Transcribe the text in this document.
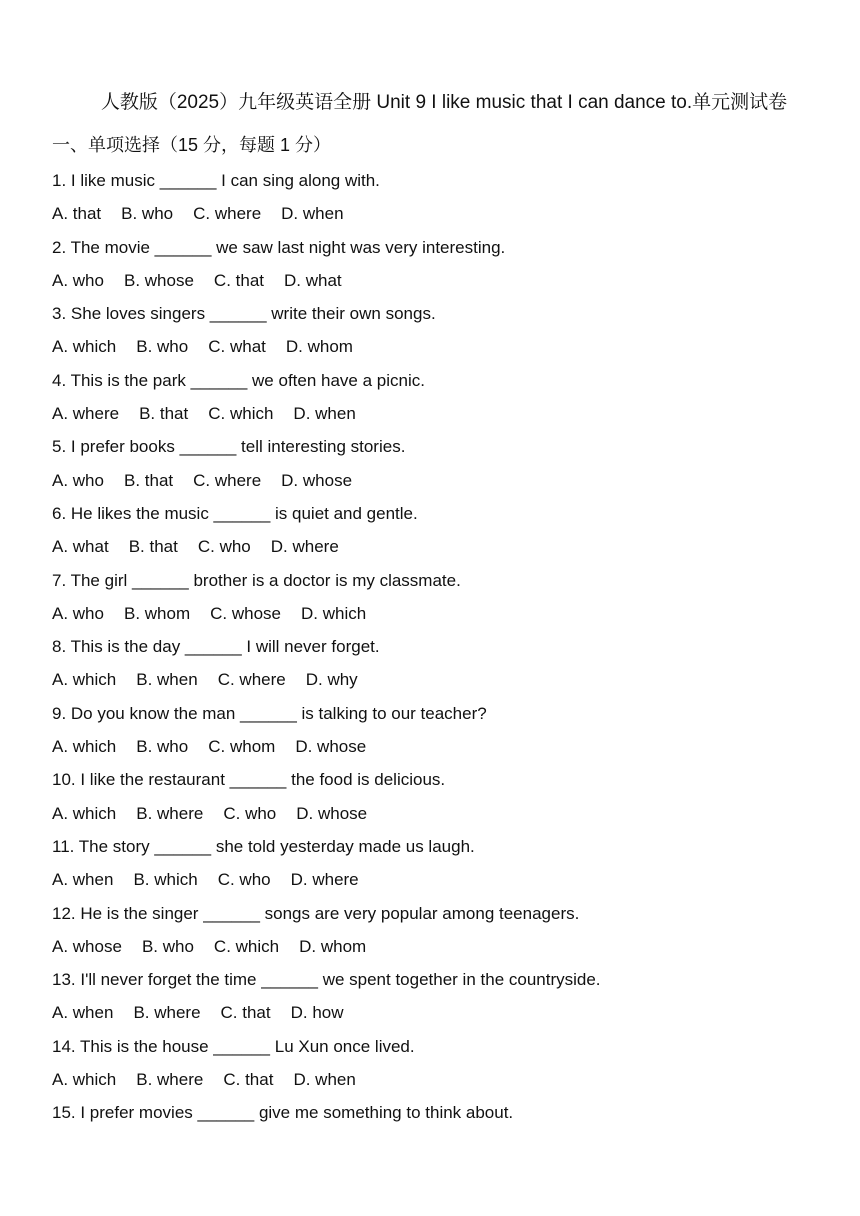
人教版（2025）九年级英语全册 Unit 9 I like music that I can dance to.单元测试卷
一、单项选择（15 分，每题 1 分）
1. I like music ______ I can sing along with.
A. that B. who C. where D. when
2. The movie ______ we saw last night was very interesting.
A. who B. whose C. that D. what
3. She loves singers ______ write their own songs.
A. which B. who C. what D. whom
4. This is the park ______ we often have a picnic.
A. where B. that C. which D. when
5. I prefer books ______ tell interesting stories.
A. who B. that C. where D. whose
6. He likes the music ______ is quiet and gentle.
A. what B. that C. who D. where
7. The girl ______ brother is a doctor is my classmate.
A. who B. whom C. whose D. which
8. This is the day ______ I will never forget.
A. which B. when C. where D. why
9. Do you know the man ______ is talking to our teacher?
A. which B. who C. whom D. whose
10. I like the restaurant ______ the food is delicious.
A. which B. where C. who D. whose
11. The story ______ she told yesterday made us laugh.
A. when B. which C. who D. where
12. He is the singer ______ songs are very popular among teenagers.
A. whose B. who C. which D. whom
13. I'll never forget the time ______ we spent together in the countryside.
A. when B. where C. that D. how
14. This is the house ______ Lu Xun once lived.
A. which B. where C. that D. when
15. I prefer movies ______ give me something to think about.
